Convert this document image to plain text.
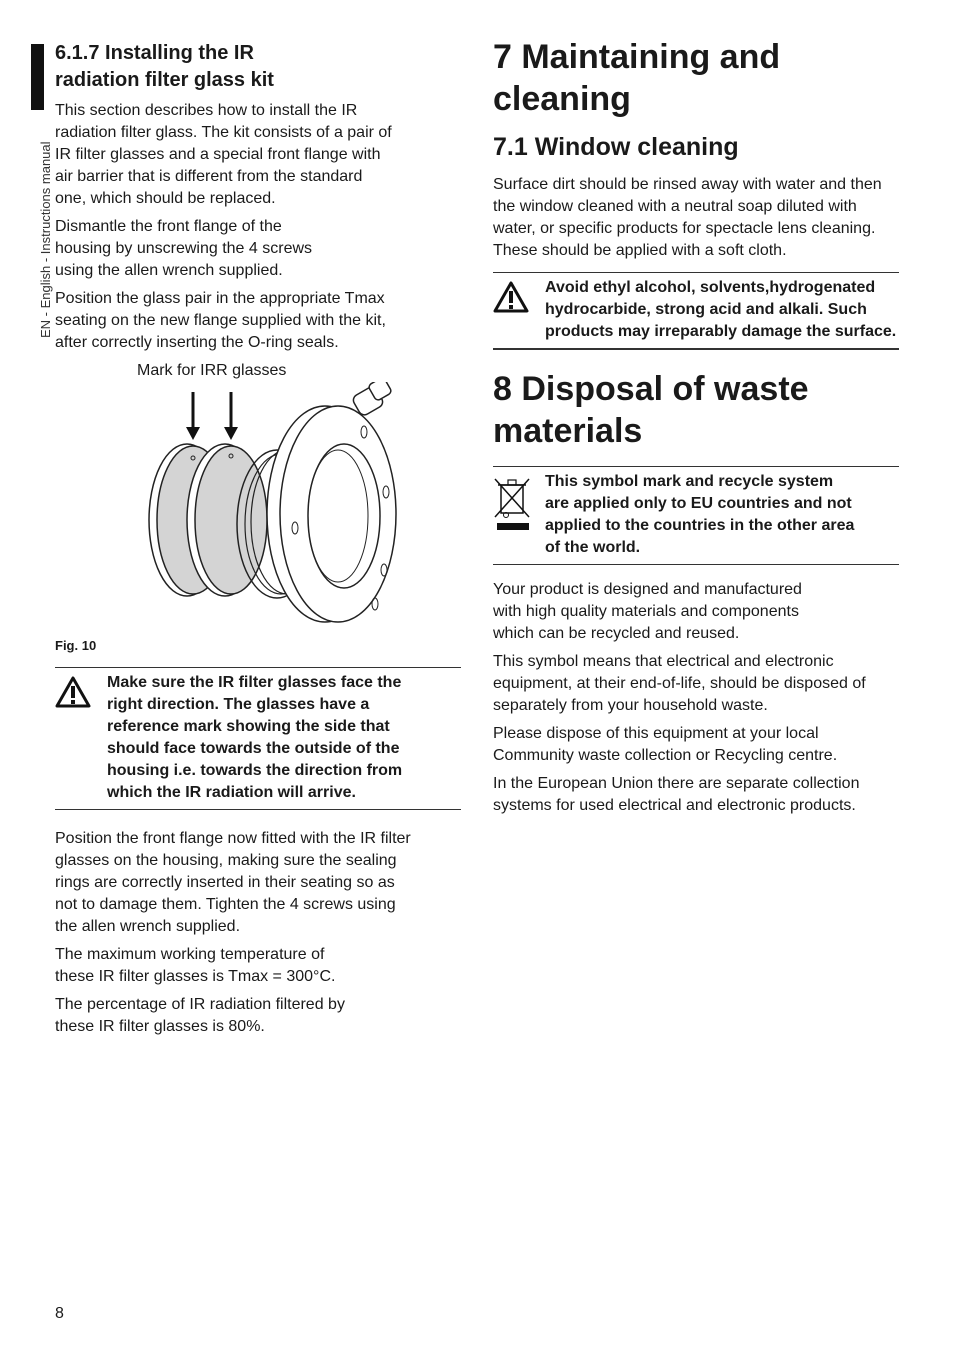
EN - English - Instructions manual
6.1.7 Installing the IR radiation filter glass kit

This section describes how to install the IR radiation filter glass. The kit consists of a pair of IR filter glasses and a special front flange with air barrier that is different from the standard one, which should be replaced.

Dismantle the front flange of the housing by unscrewing the 4 screws using the allen wrench supplied.

Position the glass pair in the appropriate Tmax seating on the new flange supplied with the kit, after correctly inserting the O-ring seals.

Mark for IRR glasses
Fig. 10
Make sure the IR filter glasses face the right direction. The glasses have a reference mark showing the side that should face towards the outside of the housing i.e. towards the direction from which the IR radiation will arrive.

Position the front flange now fitted with the IR filter glasses on the housing, making sure the sealing rings are correctly inserted in their seating so as not to damage them. Tighten the 4 screws using the allen wrench supplied.

The maximum working temperature of these IR filter glasses is Tmax = 300°C.

The percentage of IR radiation filtered by these IR filter glasses is 80%.

7 Maintaining and cleaning
7.1 Window cleaning

Surface dirt should be rinsed away with water and then the window cleaned with a neutral soap diluted with water, or specific products for spectacle lens cleaning. These should be applied with a soft cloth.

Avoid ethyl alcohol, solvents,hydrogenated hydrocarbide, strong acid and alkali. Such products may irreparably damage the surface.
8 Disposal of waste materials
This symbol mark and recycle system are applied only to EU countries and not applied to the countries in the other area of the world.

Your product is designed and manufactured with high quality materials and components which can be recycled and reused.

This symbol means that electrical and electronic equipment, at their end-of-life, should be disposed of separately from your household waste.

Please dispose of this equipment at your local Community waste collection or Recycling centre.

In the European Union there are separate collection systems for used electrical and electronic products.

8
